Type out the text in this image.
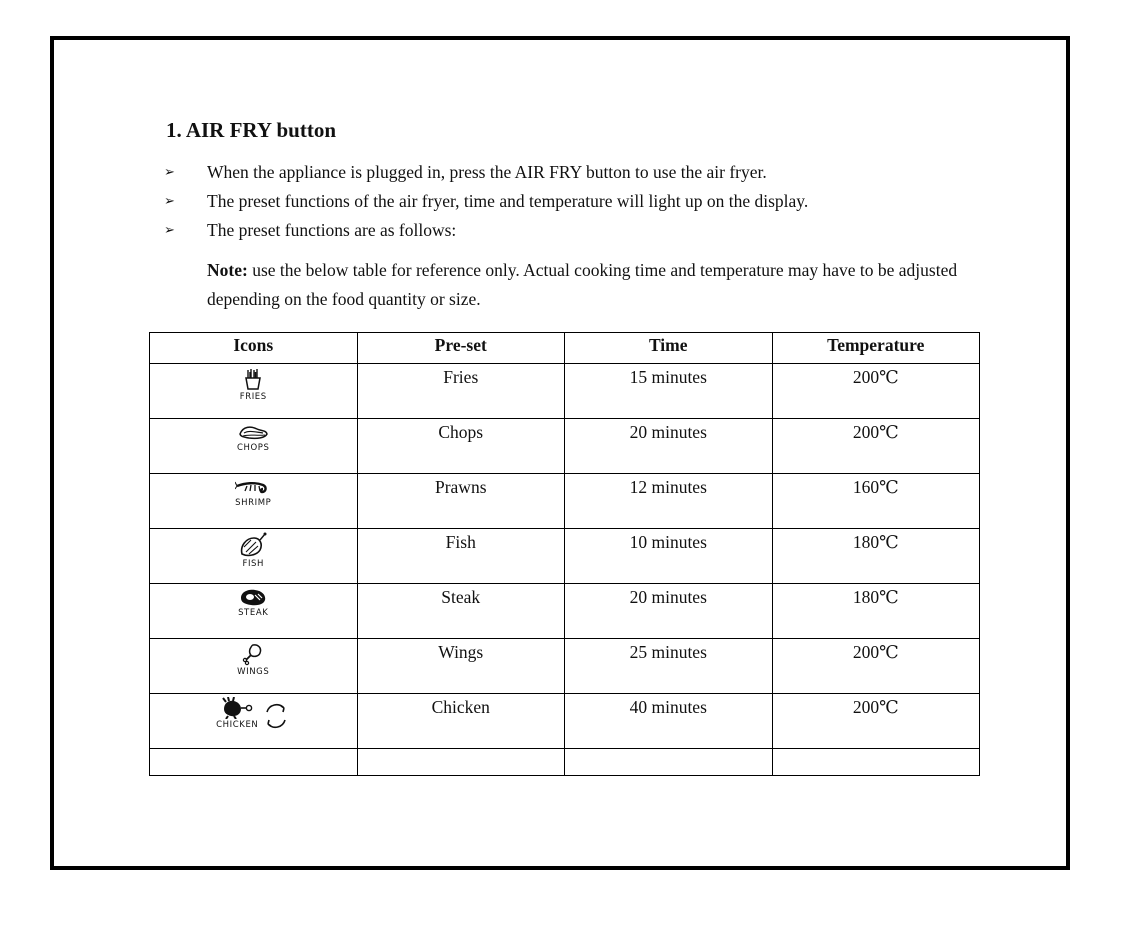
1. AIR FRY button
➢ When the appliance is plugged in, press the AIR FRY button to use the air fryer.
➢ The preset functions of the air fryer, time and temperature will light up on the display.
➢ The preset functions are as follows:
Note: use the below table for reference only. Actual cooking time and temperature may have to be adjusted depending on the food quantity or size.
Icons	Pre-set	Time	Temperature

FRIES	Fries	15 minutes	200℃

CHOPS	Chops	20 minutes	200℃

SHRIMP	Prawns	12 minutes	160℃

FISH	Fish	10 minutes	180℃

STEAK	Steak	20 minutes	180℃

WINGS	Wings	25 minutes	200℃

CHICKEN	Chicken	40 minutes	200℃
